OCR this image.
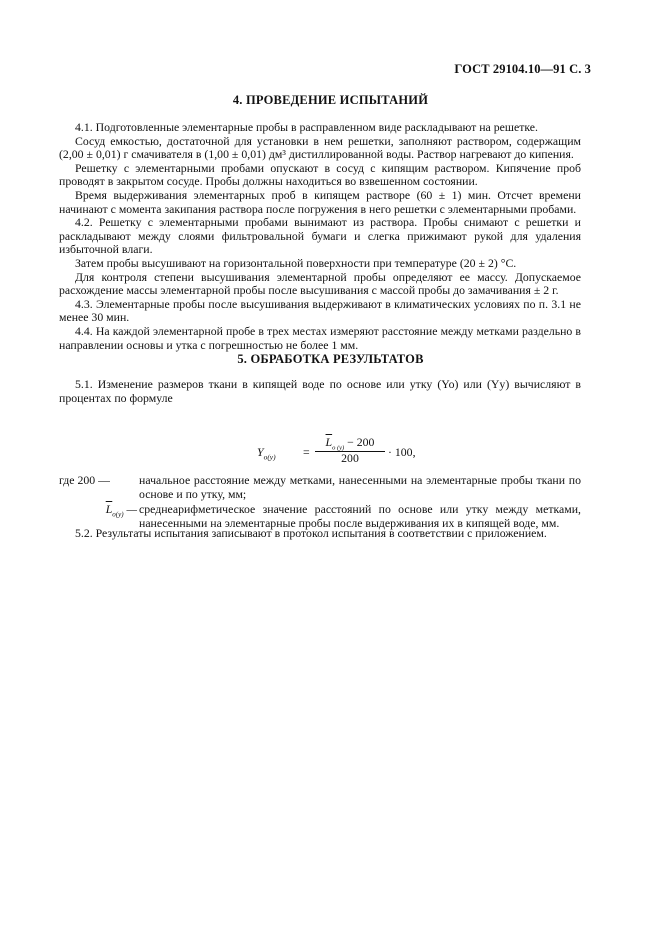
ГОСТ 29104.10—91 С. 3
4. ПРОВЕДЕНИЕ ИСПЫТАНИЙ

4.1. Подготовленные элементарные пробы в расправленном виде раскладывают на решетке.

Сосуд емкостью, достаточной для установки в нем решетки, заполняют раствором, содержащим (2,00 ± 0,01) г смачивателя в (1,00 ± 0,01) дм³ дистиллированной воды. Раствор нагревают до кипения.

Решетку с элементарными пробами опускают в сосуд с кипящим раствором. Кипячение проб проводят в закрытом сосуде. Пробы должны находиться во взвешенном состоянии.

Время выдерживания элементарных проб в кипящем растворе (60 ± 1) мин. Отсчет времени начинают с момента закипания раствора после погружения в него решетки с элементарными пробами.

4.2. Решетку с элементарными пробами вынимают из раствора. Пробы снимают с решетки и раскладывают между слоями фильтровальной бумаги и слегка прижимают рукой для удаления избыточной влаги.

Затем пробы высушивают на горизонтальной поверхности при температуре (20 ± 2) °С.

Для контроля степени высушивания элементарной пробы определяют ее массу. Допускаемое расхождение массы элементарной пробы после высушивания с массой пробы до замачивания ± 2 г.

4.3. Элементарные пробы после высушивания выдерживают в климатических условиях по п. 3.1 не менее 30 мин.

4.4. На каждой элементарной пробе в трех местах измеряют расстояние между метками раздельно в направлении основы и утка с погрешностью не более 1 мм.

5. ОБРАБОТКА РЕЗУЛЬТАТОВ

5.1. Изменение размеров ткани в кипящей воде по основе или утку (Yo) или (Yy) вычисляют в процентах по формуле

$Y_{o(y)}$ =
$\overline{L}_{o (y)} - 200$
200	· 100,
где 200 —	начальное расстояние между метками, нанесенными на элементарные пробы ткани по основе и по утку, мм;
$\overline{L}_{o(y)}$ — среднеарифметическое значение расстояний по основе или утку между метками, нанесенными на элементарные пробы после выдерживания их в кипящей воде, мм.

5.2. Результаты испытания записывают в протокол испытания в соответствии с приложением.
